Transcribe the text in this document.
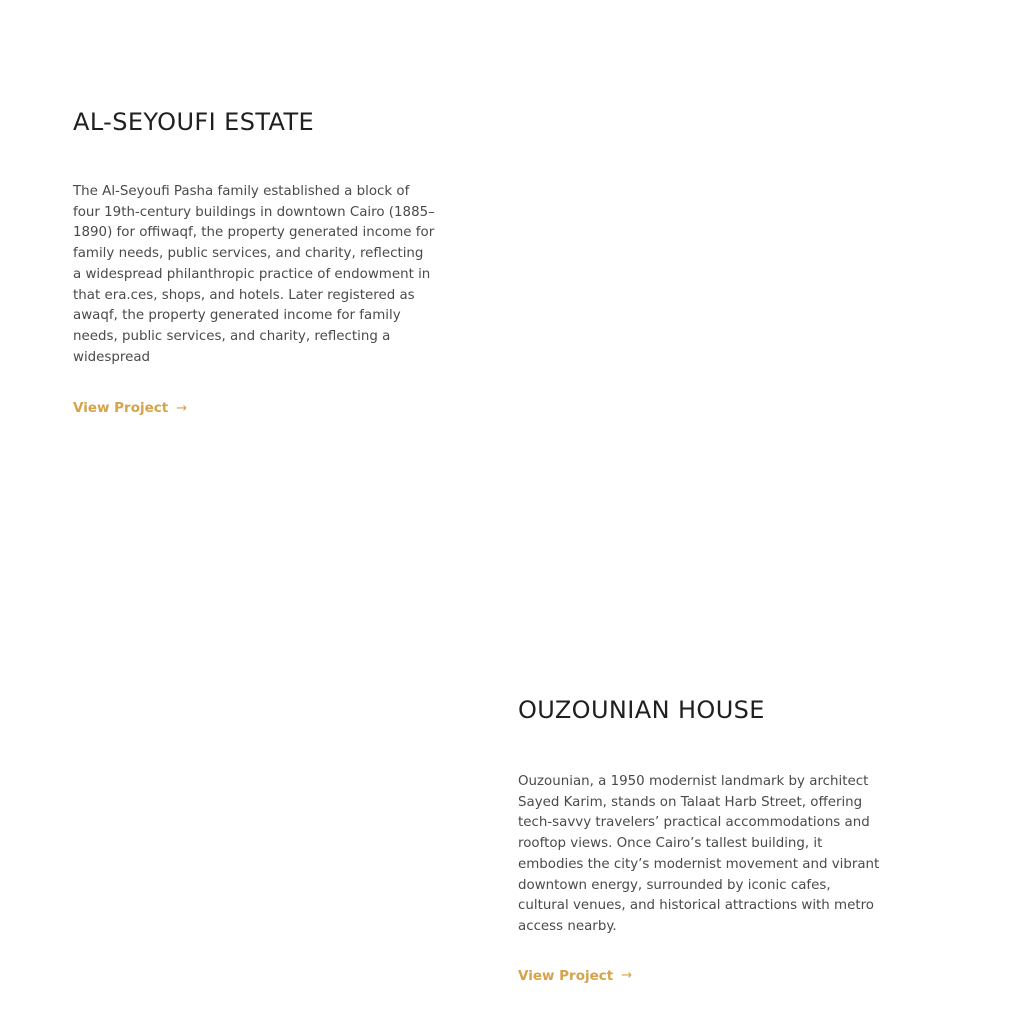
AL-SEYOUFI ESTATE

The Al-Seyoufi Pasha family established a block of four 19th-century buildings in downtown Cairo (1885–1890) for offiwaqf, the property generated income for family needs, public services, and charity, reflecting a widespread philanthropic practice of endowment in that era.ces, shops, and hotels. Later registered as awaqf, the property generated income for family needs, public services, and charity, reflecting a widespread

View Project →
OUZOUNIAN HOUSE

Ouzounian, a 1950 modernist landmark by architect Sayed Karim, stands on Talaat Harb Street, offering tech-savvy travelers’ practical accommodations and rooftop views. Once Cairo’s tallest building, it embodies the city’s modernist movement and vibrant downtown energy, surrounded by iconic cafes, cultural venues, and historical attractions with metro access nearby.

View Project →
